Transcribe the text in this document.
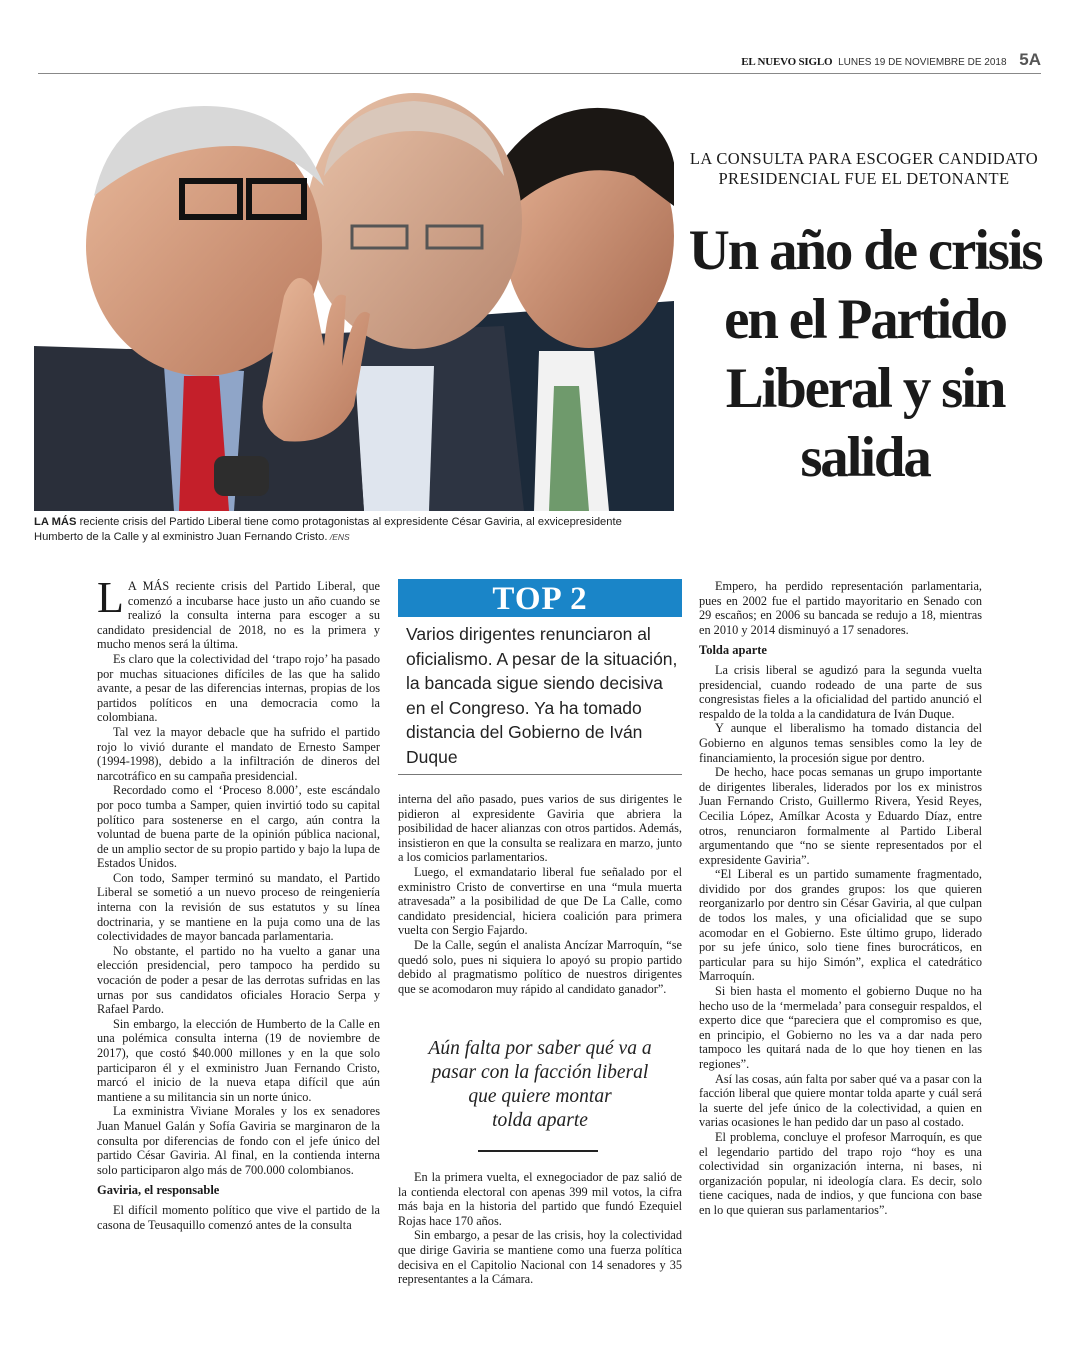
EL NUEVO SIGLO LUNES 19 DE NOVIEMBRE DE 2018 5A
LA MÁS reciente crisis del Partido Liberal tiene como protagonistas al expresidente César Gaviria, al exvicepresidente Humberto de la Calle y al exministro Juan Fernando Cristo. /ENS
LA CONSULTA PARA ESCOGER CANDIDATO
PRESIDENCIAL FUE EL DETONANTE
Un año de crisis
en el Partido
Liberal y sin
salida

L A MÁS reciente crisis del Partido Liberal, que comenzó a incubarse hace justo un año cuando se realizó la consulta interna para escoger a su candidato presidencial de 2018, no es la primera y mucho menos será la última.

Es claro que la colectividad del ‘trapo rojo’ ha pasado por muchas situaciones difíciles de las que ha salido avante, a pesar de las diferencias internas, propias de los partidos políticos en una democracia como la colombiana.

Tal vez la mayor debacle que ha sufrido el partido rojo lo vivió durante el mandato de Ernesto Samper (1994-1998), debido a la infiltración de dineros del narcotráfico en su campaña presidencial.

Recordado como el ‘Proceso 8.000’, este escándalo por poco tumba a Samper, quien invirtió todo su capital político para sostenerse en el cargo, aún contra la voluntad de buena parte de la opinión pública nacional, de un amplio sector de su propio partido y bajo la lupa de Estados Unidos.

Con todo, Samper terminó su mandato, el Partido Liberal se sometió a un nuevo proceso de reingeniería interna con la revisión de sus estatutos y su línea doctrinaria, y se mantiene en la puja como una de las colectividades de mayor bancada parlamentaria.

No obstante, el partido no ha vuelto a ganar una elección presidencial, pero tampoco ha perdido su vocación de poder a pesar de las derrotas sufridas en las urnas por sus candidatos oficiales Horacio Serpa y Rafael Pardo.

Sin embargo, la elección de Humberto de la Calle en una polémica consulta interna (19 de noviembre de 2017), que costó $40.000 millones y en la que solo participaron él y el exministro Juan Fernando Cristo, marcó el inicio de la nueva etapa difícil que aún mantiene a su militancia sin un norte único.

La exministra Viviane Morales y los ex senadores Juan Manuel Galán y Sofía Gaviria se marginaron de la consulta por diferencias de fondo con el jefe único del partido César Gaviria. Al final, en la contienda interna solo participaron algo más de 700.000 colombianos.

Gaviria, el responsable

El difícil momento político que vive el partido de la casona de Teusaquillo comenzó antes de la consulta

TOP 2
Varios dirigentes renunciaron al oficialismo. A pesar de la situación, la bancada sigue siendo decisiva en el Congreso. Ya ha tomado distancia del Gobierno de Iván Duque

interna del año pasado, pues varios de sus dirigentes le pidieron al expresidente Gaviria que abriera la posibilidad de hacer alianzas con otros partidos. Además, insistieron en que la consulta se realizara en marzo, junto a los comicios parlamentarios.

Luego, el exmandatario liberal fue señalado por el exministro Cristo de convertirse en una “mula muerta atravesada” a la posibilidad de que De La Calle, como candidato presidencial, hiciera coalición para primera vuelta con Sergio Fajardo.

De la Calle, según el analista Ancízar Marroquín, “se quedó solo, pues ni siquiera lo apoyó su propio partido debido al pragmatismo político de nuestros dirigentes que se acomodaron muy rápido al candidato ganador”.

Aún falta por saber qué va a
pasar con la facción liberal
que quiere montar
tolda aparte

En la primera vuelta, el exnegociador de paz salió de la contienda electoral con apenas 399 mil votos, la cifra más baja en la historia del partido que fundó Ezequiel Rojas hace 170 años.

Sin embargo, a pesar de las crisis, hoy la colectividad que dirige Gaviria se mantiene como una fuerza política decisiva en el Capitolio Nacional con 14 senadores y 35 representantes a la Cámara.

Empero, ha perdido representación parlamentaria, pues en 2002 fue el partido mayoritario en Senado con 29 escaños; en 2006 su bancada se redujo a 18, mientras en 2010 y 2014 disminuyó a 17 senadores.

Tolda aparte

La crisis liberal se agudizó para la segunda vuelta presidencial, cuando rodeado de una parte de sus congresistas fieles a la oficialidad del partido anunció el respaldo de la tolda a la candidatura de Iván Duque.

Y aunque el liberalismo ha tomado distancia del Gobierno en algunos temas sensibles como la ley de financiamiento, la procesión sigue por dentro.

De hecho, hace pocas semanas un grupo importante de dirigentes liberales, liderados por los ex ministros Juan Fernando Cristo, Guillermo Rivera, Yesid Reyes, Cecilia López, Amílkar Acosta y Eduardo Díaz, entre otros, renunciaron formalmente al Partido Liberal argumentando que “no se siente representados por el expresidente Gaviria”.

“El Liberal es un partido sumamente fragmentado, dividido por dos grandes grupos: los que quieren reorganizarlo por dentro sin César Gaviria, al que culpan de todos los males, y una oficialidad que se supo acomodar en el Gobierno. Este último grupo, liderado por su jefe único, solo tiene fines burocráticos, en particular para su hijo Simón”, explica el catedrático Marroquín.

Si bien hasta el momento el gobierno Duque no ha hecho uso de la ‘mermelada’ para conseguir respaldos, el experto dice que “pareciera que el compromiso es que, en principio, el Gobierno no les va a dar nada pero tampoco les quitará nada de lo que hoy tienen en las regiones”.

Así las cosas, aún falta por saber qué va a pasar con la facción liberal que quiere montar tolda aparte y cuál será la suerte del jefe único de la colectividad, a quien en varias ocasiones le han pedido dar un paso al costado.

El problema, concluye el profesor Marroquín, es que el legendario partido del trapo rojo “hoy es una colectividad sin organización interna, ni bases, ni organización popular, ni ideología clara. Es decir, solo tiene caciques, nada de indios, y que funciona con base en lo que quieran sus parlamentarios”.
